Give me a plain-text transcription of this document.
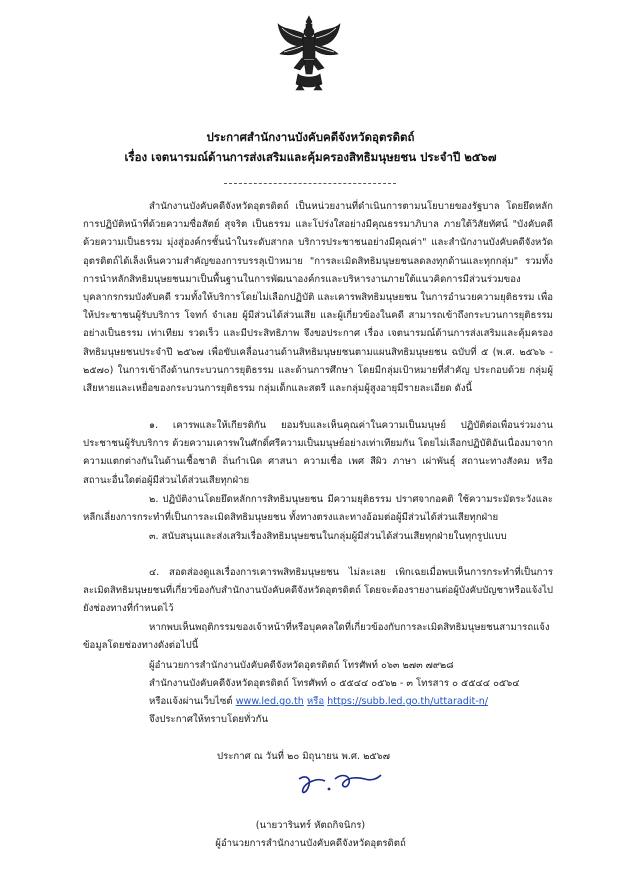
ประกาศสำนักงานบังคับคดีจังหวัดอุตรดิตถ์
เรื่อง เจตนารมณ์ด้านการส่งเสริมและคุ้มครองสิทธิมนุษยชน ประจำปี ๒๕๖๗

สำนักงานบังคับคดีจังหวัดอุตรดิตถ์ เป็นหน่วยงานที่ดำเนินการตามนโยบายของรัฐบาล โดยยึดหลักการปฏิบัติหน้าที่ด้วยความซื่อสัตย์ สุจริต เป็นธรรม และโปร่งใสอย่างมีคุณธรรมาภิบาล ภายใต้วิสัยทัศน์ "บังคับคดีด้วยความเป็นธรรม มุ่งสู่องค์กรชั้นนำในระดับสากล บริการประชาชนอย่างมีคุณค่า" และสำนักงานบังคับคดีจังหวัดอุตรดิตถ์ได้เล็งเห็นความสำคัญของการบรรลุเป้าหมาย "การละเมิดสิทธิมนุษยชนลดลงทุกด้านและทุกกลุ่ม" รวมทั้งการนำหลักสิทธิมนุษยชนมาเป็นพื้นฐานในการพัฒนาองค์กรและบริหารงานภายใต้แนวคิดการมีส่วนร่วมของบุคลากรกรมบังคับคดี รวมทั้งให้บริการโดยไม่เลือกปฏิบัติ และเคารพสิทธิมนุษยชน ในการอำนวยความยุติธรรม เพื่อให้ประชาชนผู้รับบริการ โจทก์ จำเลย ผู้มีส่วนได้ส่วนเสีย และผู้เกี่ยวข้องในคดี สามารถเข้าถึงกระบวนการยุติธรรมอย่างเป็นธรรม เท่าเทียม รวดเร็ว และมีประสิทธิภาพ จึงขอประกาศ เรื่อง เจตนารมณ์ด้านการส่งเสริมและคุ้มครองสิทธิมนุษยชนประจำปี ๒๕๖๗ เพื่อขับเคลื่อนงานด้านสิทธิมนุษยชนตามแผนสิทธิมนุษยชน ฉบับที่ ๕ (พ.ศ. ๒๕๖๖ - ๒๕๗๐) ในการเข้าถึงด้านกระบวนการยุติธรรม และด้านการศึกษา โดยมีกลุ่มเป้าหมายที่สำคัญ ประกอบด้วย กลุ่มผู้เสียหายและเหยื่อของกระบวนการยุติธรรม กลุ่มเด็กและสตรี และกลุ่มผู้สูงอายุมีรายละเอียด ดังนี้

๑. เคารพและให้เกียรติกัน ยอมรับและเห็นคุณค่าในความเป็นมนุษย์ ปฏิบัติต่อเพื่อนร่วมงาน ประชาชนผู้รับบริการ ด้วยความเคารพในศักดิ์ศรีความเป็นมนุษย์อย่างเท่าเทียมกัน โดยไม่เลือกปฏิบัติอันเนื่องมาจากความแตกต่างกันในด้านเชื้อชาติ ถิ่นกำเนิด ศาสนา ความเชื่อ เพศ สีผิว ภาษา เผ่าพันธุ์ สถานะทางสังคม หรือสถานะอื่นใดต่อผู้มีส่วนได้ส่วนเสียทุกฝ่าย

๒. ปฏิบัติงานโดยยึดหลักการสิทธิมนุษยชน มีความยุติธรรม ปราศจากอคติ ใช้ความระมัดระวังและหลีกเลี่ยงการกระทำที่เป็นการละเมิดสิทธิมนุษยชน ทั้งทางตรงและทางอ้อมต่อผู้มีส่วนได้ส่วนเสียทุกฝ่าย

๓. สนับสนุนและส่งเสริมเรื่องสิทธิมนุษยชนในกลุ่มผู้มีส่วนได้ส่วนเสียทุกฝ่ายในทุกรูปแบบ

๔. สอดส่องดูแลเรื่องการเคารพสิทธิมนุษยชน ไม่ละเลย เพิกเฉยเมื่อพบเห็นการกระทำที่เป็นการละเมิดสิทธิมนุษยชนที่เกี่ยวข้องกับสำนักงานบังคับคดีจังหวัดอุตรดิตถ์ โดยจะต้องรายงานต่อผู้บังคับบัญชาหรือแจ้งไปยังช่องทางที่กำหนดไว้

หากพบเห็นพฤติกรรมของเจ้าหน้าที่หรือบุคคลใดที่เกี่ยวข้องกับการละเมิดสิทธิมนุษยชนสามารถแจ้งข้อมูลโดยช่องทางดังต่อไปนี้

ผู้อำนวยการสำนักงานบังคับคดีจังหวัดอุตรดิตถ์ โทรศัพท์ ๐๖๓ ๒๗๓ ๗๙๒๘
สำนักงานบังคับคดีจังหวัดอุตรดิตถ์ โทรศัพท์ ๐ ๕๕๔๔ ๐๕๖๒ - ๓ โทรสาร ๐ ๕๕๔๔ ๐๕๖๔
หรือแจ้งผ่านเว็บไซต์ www.led.go.th หรือ https://subb.led.go.th/uttaradit-n/
จึงประกาศให้ทราบโดยทั่วกัน
ประกาศ ณ วันที่ ๒๐ มิถุนายน พ.ศ. ๒๕๖๗
(นายวารินทร์ หัตถกิจนิกร)
ผู้อำนวยการสำนักงานบังคับคดีจังหวัดอุตรดิตถ์
